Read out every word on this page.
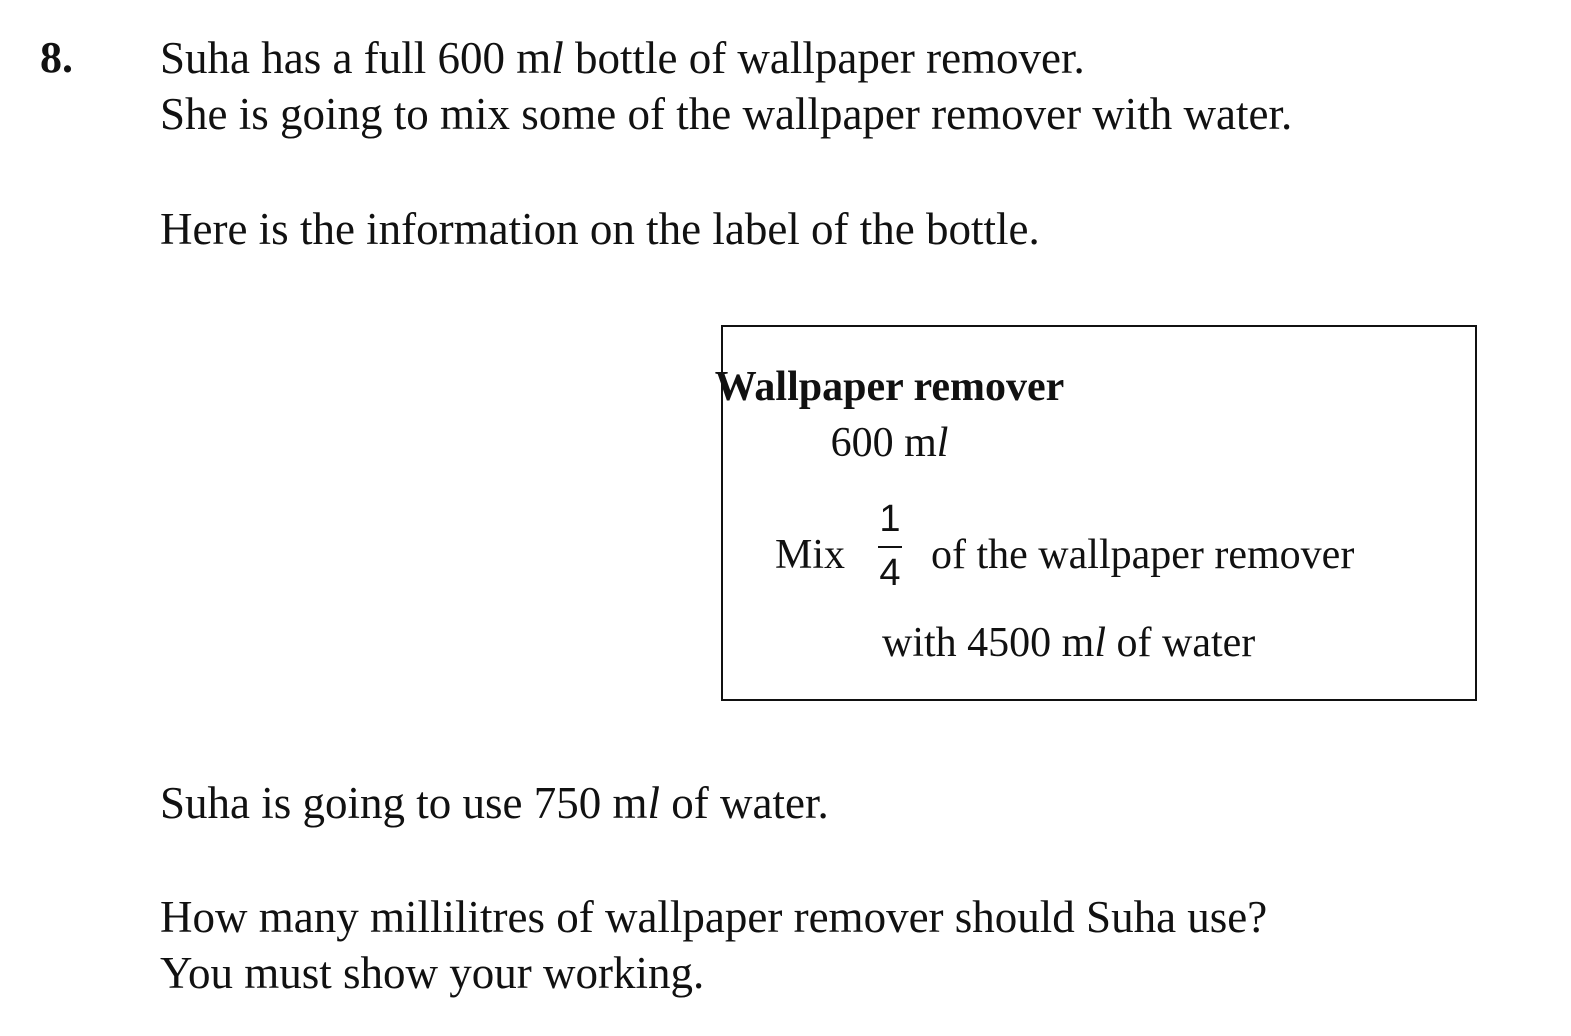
8. Suha has a full 600 ml bottle of wallpaper remover.
She is going to mix some of the wallpaper remover with water.
Here is the information on the label of the bottle.
Wallpaper remover
600 ml
Mix
1
4 of the wallpaper remover
with 4500 ml of water
Suha is going to use 750 ml of water.
How many millilitres of wallpaper remover should Suha use?
You must show your working.
